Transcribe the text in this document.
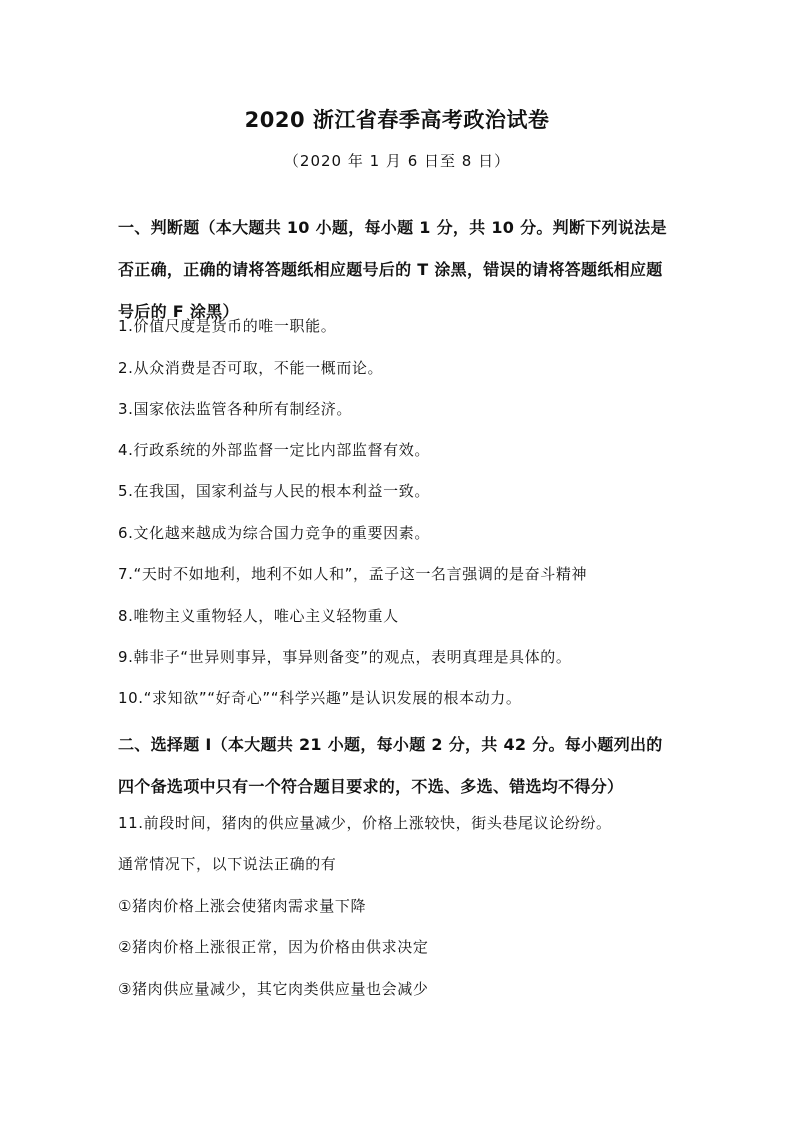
2020 浙江省春季高考政治试卷
（2020 年 1 月 6 日至 8 日）
一、判断题（本大题共 10 小题，每小题 1 分，共 10 分。判断下列说法是否正确，正确的请将答题纸相应题号后的 T 涂黑，错误的请将答题纸相应题号后的 F 涂黑）
1.价值尺度是货币的唯一职能。
2.从众消费是否可取，不能一概而论。
3.国家依法监管各种所有制经济。
4.行政系统的外部监督一定比内部监督有效。
5.在我国，国家利益与人民的根本利益一致。
6.文化越来越成为综合国力竞争的重要因素。
7.“天时不如地利，地利不如人和”，孟子这一名言强调的是奋斗精神
8.唯物主义重物轻人，唯心主义轻物重人
9.韩非子“世异则事异，事异则备变”的观点，表明真理是具体的。
10.“求知欲”“好奇心”“科学兴趣”是认识发展的根本动力。
二、选择题 I（本大题共 21 小题，每小题 2 分，共 42 分。每小题列出的四个备选项中只有一个符合题目要求的，不选、多选、错选均不得分）
11.前段时间，猪肉的供应量减少，价格上涨较快，街头巷尾议论纷纷。
通常情况下，以下说法正确的有
①猪肉价格上涨会使猪肉需求量下降
②猪肉价格上涨很正常，因为价格由供求决定
③猪肉供应量减少，其它肉类供应量也会减少
